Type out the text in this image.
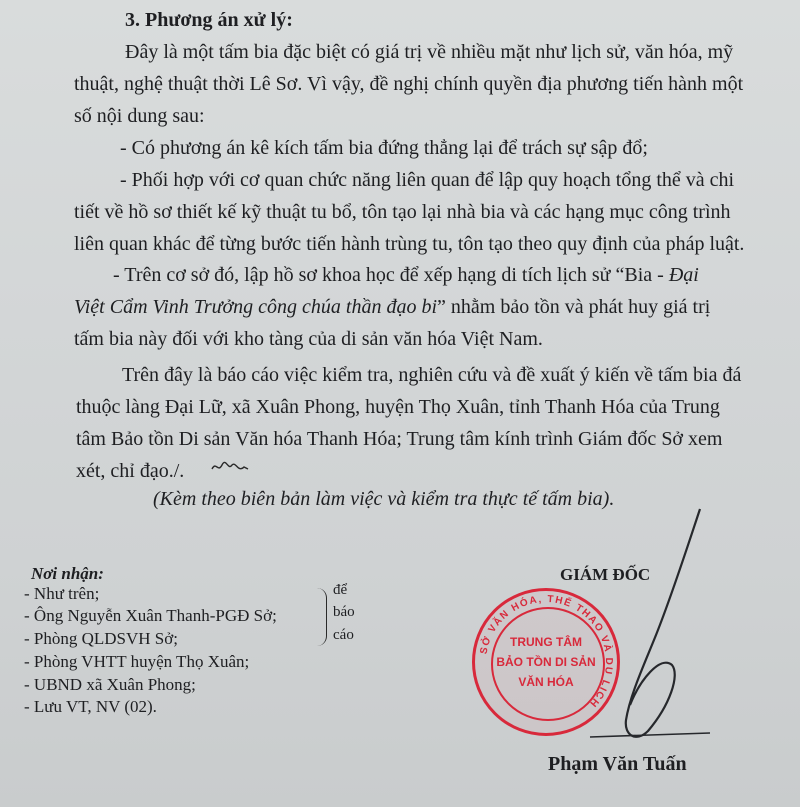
3. Phương án xử lý:
Đây là một tấm bia đặc biệt có giá trị về nhiều mặt như lịch sử, văn hóa, mỹ
thuật, nghệ thuật thời Lê Sơ. Vì vậy, đề nghị chính quyền địa phương tiến hành một
số nội dung sau:
- Có phương án kê kích tấm bia đứng thẳng lại để trách sự sập đổ;
- Phối hợp với cơ quan chức năng liên quan để lập quy hoạch tổng thể và chi
tiết về hồ sơ thiết kế kỹ thuật tu bổ, tôn tạo lại nhà bia và các hạng mục công trình
liên quan khác để từng bước tiến hành trùng tu, tôn tạo theo quy định của pháp luật.
- Trên cơ sở đó, lập hồ sơ khoa học để xếp hạng di tích lịch sử “Bia - Đại
Việt Cẩm Vinh Trưởng công chúa thần đạo bi” nhằm bảo tồn và phát huy giá trị
tấm bia này đối với kho tàng của di sản văn hóa Việt Nam.
Trên đây là báo cáo việc kiểm tra, nghiên cứu và đề xuất ý kiến về tấm bia đá
thuộc làng Đại Lữ, xã Xuân Phong, huyện Thọ Xuân, tỉnh Thanh Hóa của Trung
tâm Bảo tồn Di sản Văn hóa Thanh Hóa; Trung tâm kính trình Giám đốc Sở xem
xét, chỉ đạo./.
(Kèm theo biên bản làm việc và kiểm tra thực tế tấm bia).
Nơi nhận:
- Như trên;
- Ông Nguyễn Xuân Thanh-PGĐ Sở;
- Phòng QLDSVH Sở;
- Phòng VHTT huyện Thọ Xuân;
- UBND xã Xuân Phong;
- Lưu VT, NV (02).
để
báo
cáo
GIÁM ĐỐC
SỞ VĂN HÓA, THỂ THAO VÀ DU LỊCH
TRUNG TÂM
BẢO TỒN DI SẢN
VĂN HÓA
Phạm Văn Tuấn
